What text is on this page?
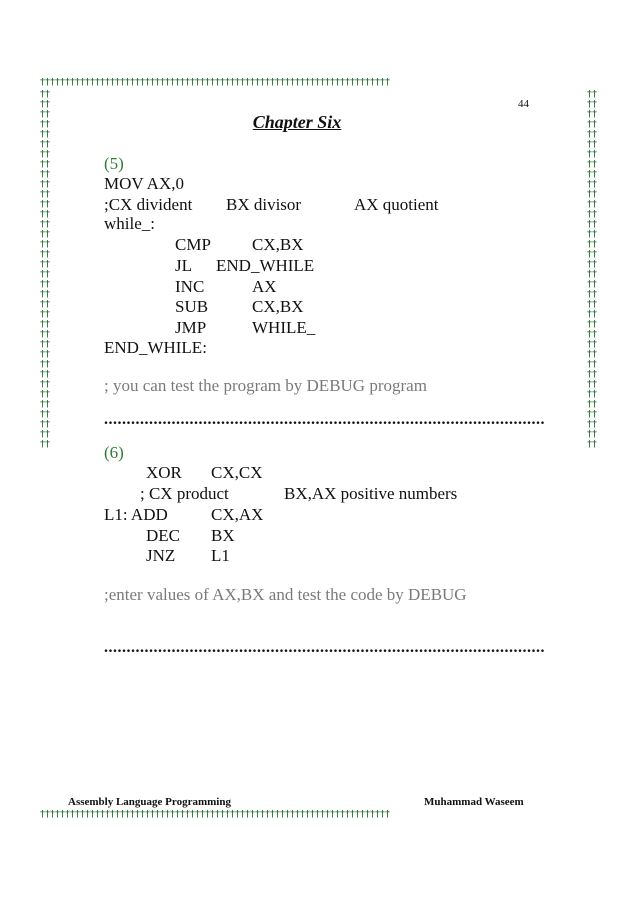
††††††††††††††††††††††††††††††††††††††††††††††††††††††††††††††††††††††
††††††††††††††††††††††††††††††††††††††††††††††††††††††††††††††††††††††
††††††††††††††††††††††††††††††††††††††††††††††††††††††††††††††††††††††††
††††††††††††††††††††††††††††††††††††††††††††††††††††††††††††††††††††††††
44
Chapter Six
(5)
MOV AX,0
;CX divident BX divisor	AX quotient
while_:
CMP CX,BX
JL END_WHILE
INC	AX
SUB	CX,BX
JMP	WHILE_
END_WHILE:
; you can test the program by DEBUG program
..................................................................................................
(6)
XOR CX,CX
; CX product	BX,AX positive numbers
L1: ADD	CX,AX
DEC BX
JNZ L1
;enter values of AX,BX and test the code by DEBUG
..................................................................................................
Assembly Language Programming	Muhammad Waseem
